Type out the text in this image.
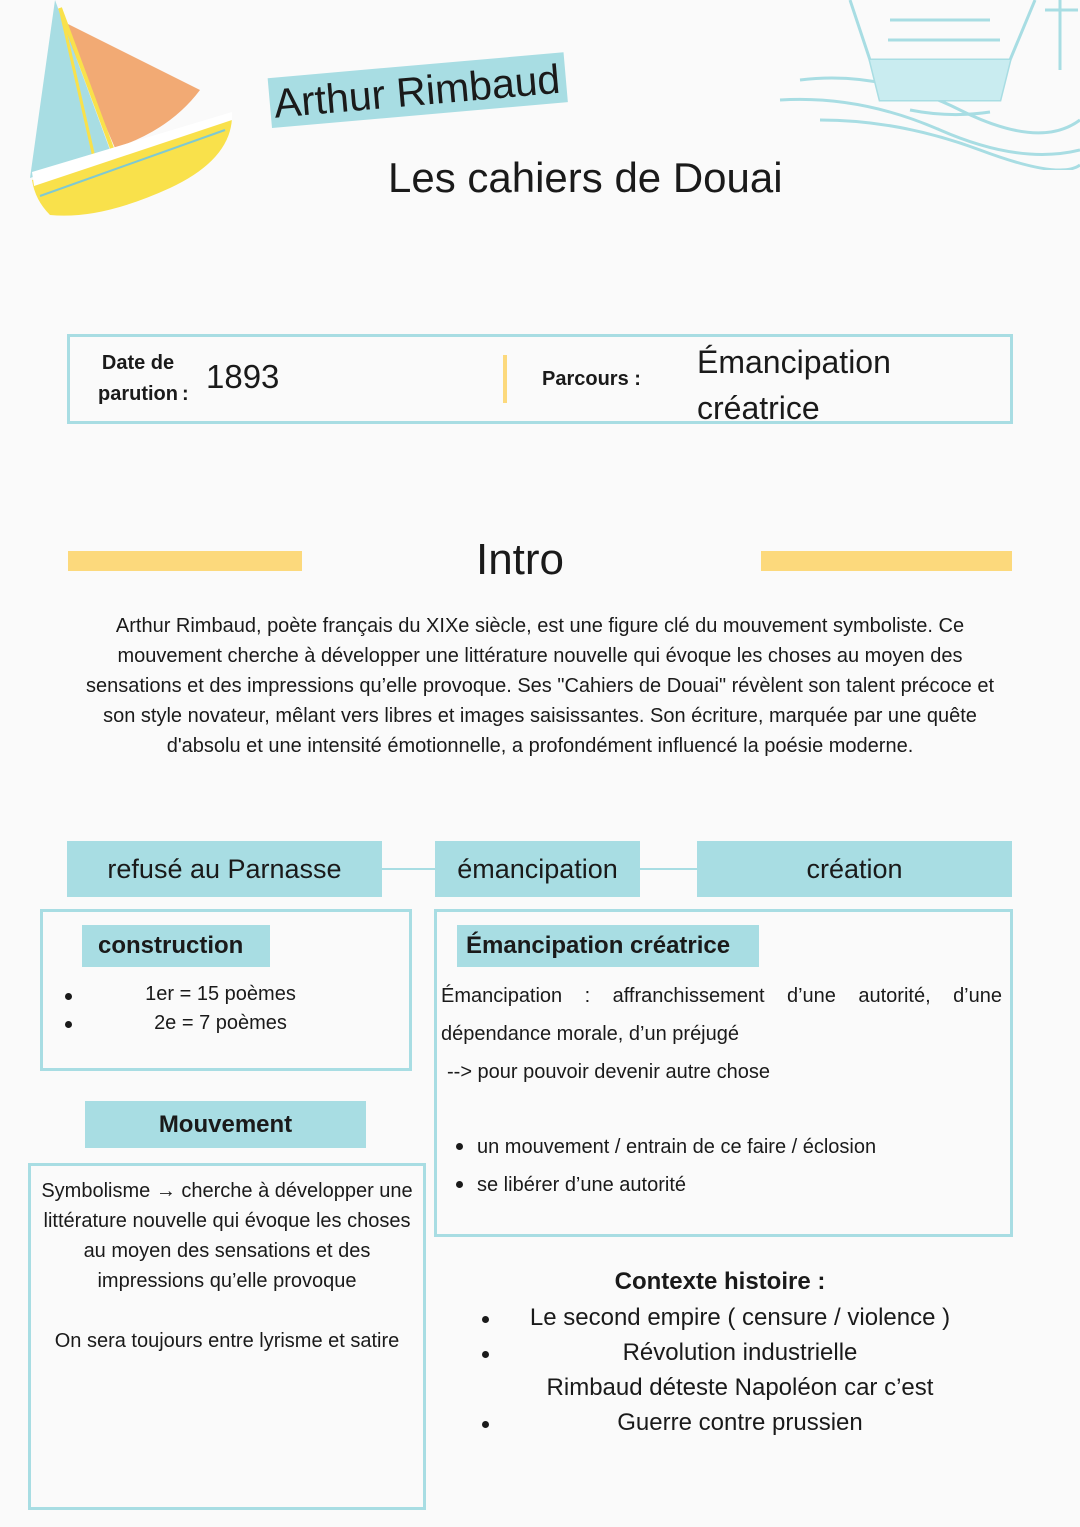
Arthur Rimbaud
Les cahiers de Douai
Date de parution : 1893	Parcours : Émancipation créatrice
Intro
Arthur Rimbaud, poète français du XIXe siècle, est une figure clé du mouvement symboliste. Ce mouvement cherche à développer une littérature nouvelle qui évoque les choses au moyen des sensations et des impressions qu’elle provoque. Ses "Cahiers de Douai" révèlent son talent précoce et son style novateur, mêlant vers libres et images saisissantes. Son écriture, marquée par une quête d'absolu et une intensité émotionnelle, a profondément influencé la poésie moderne.
refusé au Parnasse	émancipation	création
construction
1er = 15 poèmes
2e = 7 poèmes
Mouvement
Symbolisme → cherche à développer une littérature nouvelle qui évoque les choses au moyen des sensations et des impressions qu’elle provoque
On sera toujours entre lyrisme et satire
Émancipation créatrice
Émancipation : affranchissement d’une autorité, d’une dépendance morale, d’un préjugé
--> pour pouvoir devenir autre chose
un mouvement / entrain de ce faire / éclosion
se libérer d’une autorité
Contexte histoire :
Le second empire ( censure / violence )
Révolution industrielle
Rimbaud déteste Napoléon car c’est
Guerre contre prussien
